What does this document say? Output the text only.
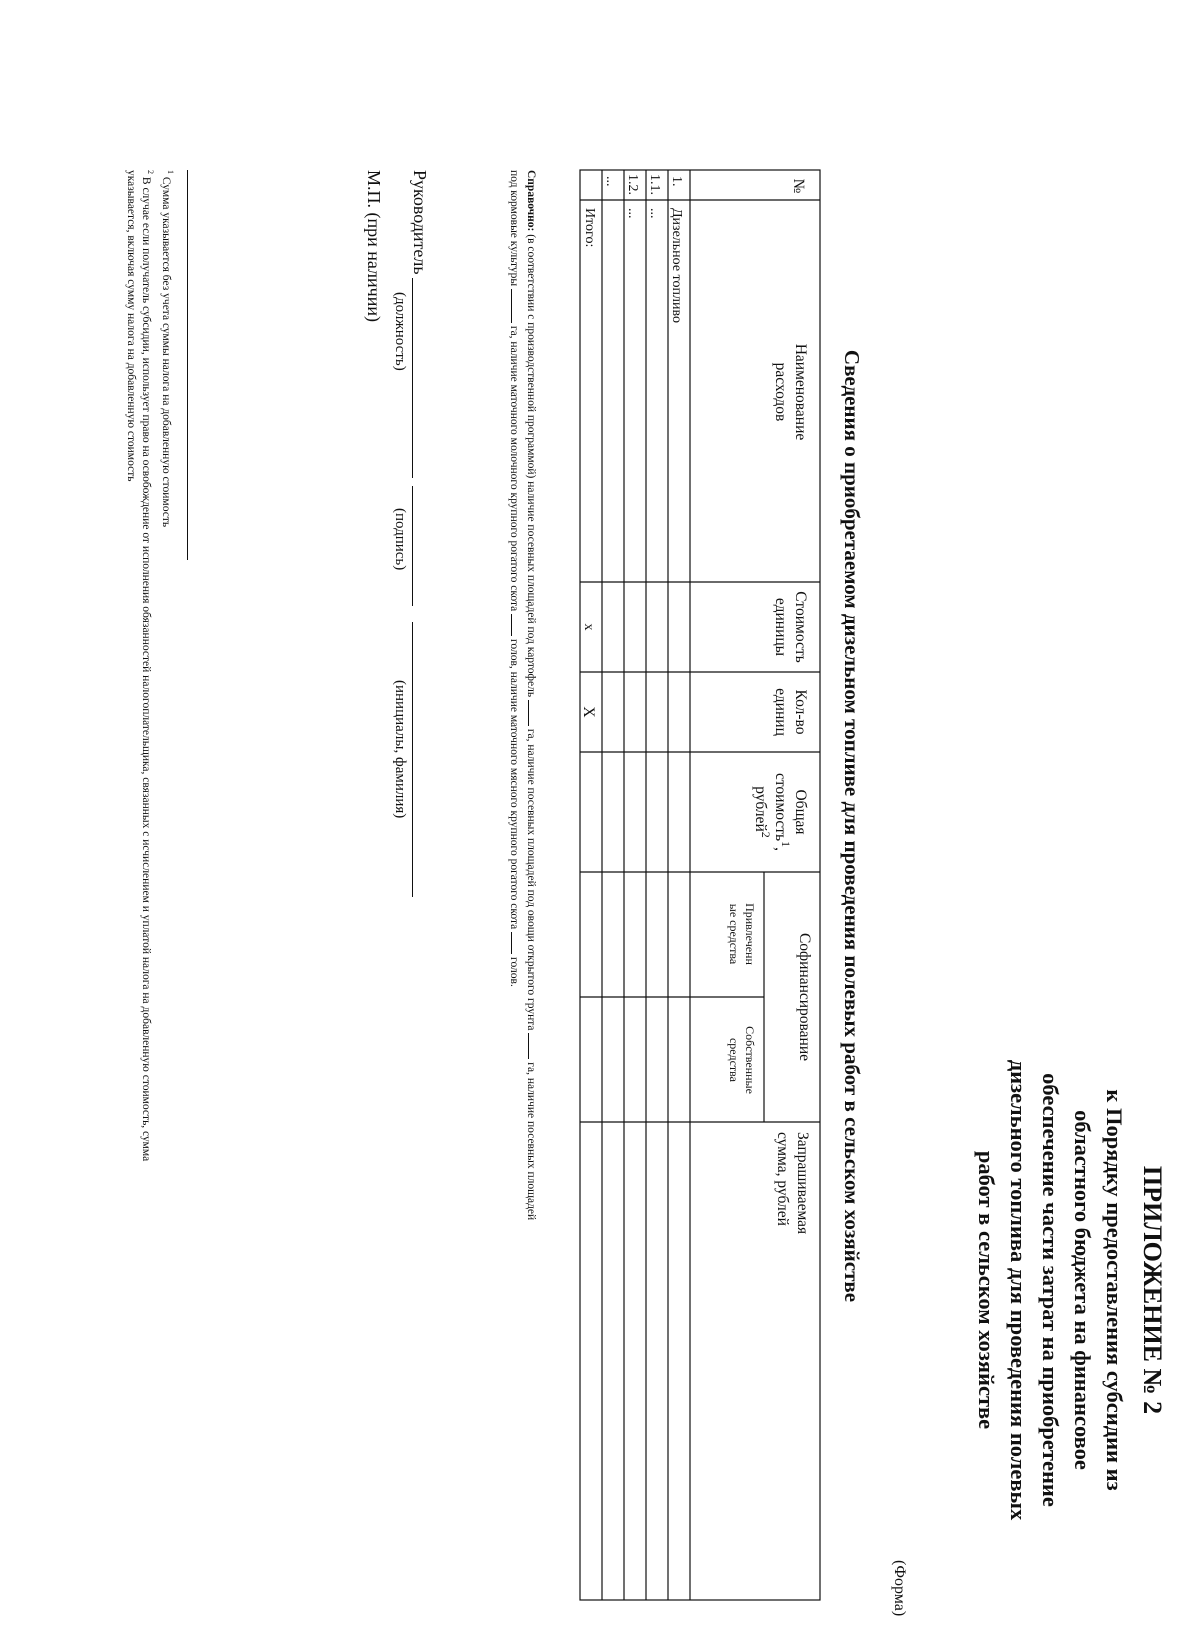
ПРИЛОЖЕНИЕ № 2
к Порядку предоставления субсидии из
областного бюджета на финансовое
обеспечение части затрат на приобретение
дизельного топлива для проведения полевых
работ в сельском хозяйстве
(Форма)
Сведения о приобретаемом дизельном топливе для проведения полевых работ в сельском хозяйстве
№
Наименование
расходов
Стоимость
единицы
Кол-во
единиц
Общая
стоимость$^1$,
рублей$^2$
Софинансирование
Привлеченн
ые средства
Собственные
средства
Запрашиваемая
сумма, рублей
1.
Дизельное топливо
1.1.
...
1.2.
...
...
Итого:
х
Х
Справочно: (в соответствии с производственной программой) наличие посевных площадей под картофель  га, наличие посевных площадей под овощи открытого грунта  га, наличие посевных площадей
под кормовые культуры  га, наличие маточного молочного крупного рогатого скота  голов, наличие маточного мясного крупного рогатого скота  голов.
Руководитель
(должность)
(подпись)
(инициалы, фамилия)
М.П. (при наличии)
$^1$ Сумма указывается без учета суммы налога на добавленную стоимость
$^2$ В случае если получатель субсидии, использует право на освобождение от исполнения обязанностей налогоплательщика, связанных с исчислением и уплатой налога на добавленную стоимость, сумма
указывается, включая сумму налога на добавленную стоимость
